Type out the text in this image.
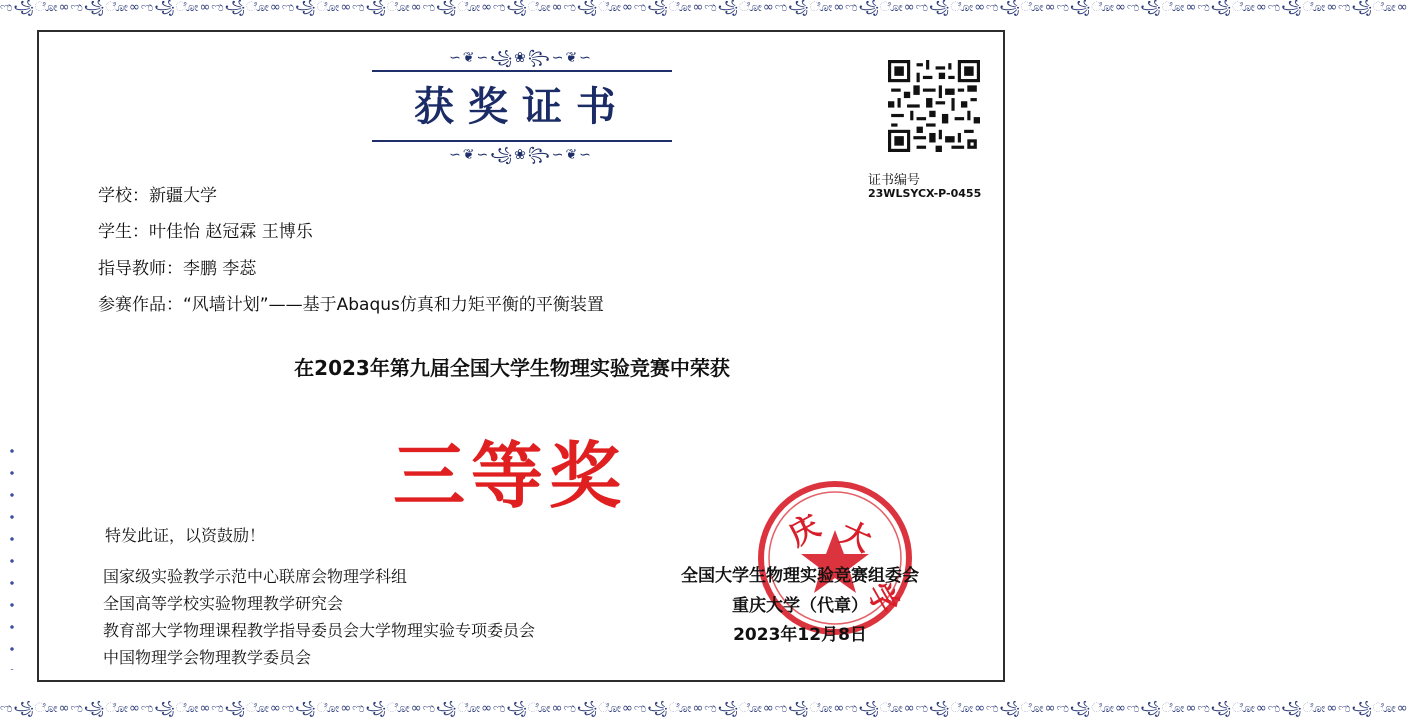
ಌ꧁ೋ∞ಌ꧁ೋ∞ಌ꧁ೋ∞ಌ꧁ೋ∞ಌ꧁ೋ∞ಌ꧁ೋ∞ಌ꧁ೋ∞ಌ꧁ೋ∞ಌ꧁ೋ∞ಌ꧁ೋ∞ಌ꧁ೋ∞ಌ꧁ೋ∞ಌ꧁ೋ∞ಌ꧁ೋ∞ಌ꧁ೋ∞ಌ꧁ೋ∞ಌ꧁ೋ∞ಌ꧁ೋ∞ಌ꧁ೋ∞ಌ꧁ೋ∞
ಌ꧁ೋ∞ಌ꧁ೋ∞ಌ꧁ೋ∞ಌ꧁ೋ∞ಌ꧁ೋ∞ಌ꧁ೋ∞ಌ꧁ೋ∞ಌ꧁ೋ∞ಌ꧁ೋ∞ಌ꧁ೋ∞ಌ꧁ೋ∞ಌ꧁ೋ∞ಌ꧁ೋ∞ಌ꧁ೋ∞ಌ꧁ೋ∞ಌ꧁ೋ∞ಌ꧁ೋ∞ಌ꧁ೋ∞ಌ꧁ೋ∞ಌ꧁ೋ∞
∽❦∽꧁❀꧂∽❦∽
获奖证书
∽❦∽꧁❀꧂∽❦∽
证书编号
23WLSYCX-P-0455
学校：新疆大学
学生：叶佳怡 赵冠霖 王博乐
指导教师：李鹏 李蕊
参赛作品：“风墙计划”——基于Abaqus仿真和力矩平衡的平衡装置
在2023年第九届全国大学生物理实验竞赛中荣获
三等奖
特发此证，以资鼓励！
国家级实验教学示范中心联席会物理学科组
全国高等学校实验物理教学研究会
教育部大学物理课程教学指导委员会大学物理实验专项委员会
中国物理学会物理教学委员会
庆 大
学
全国大学生物理实验竞赛组委会
重庆大学（代章）
2023年12月8日
